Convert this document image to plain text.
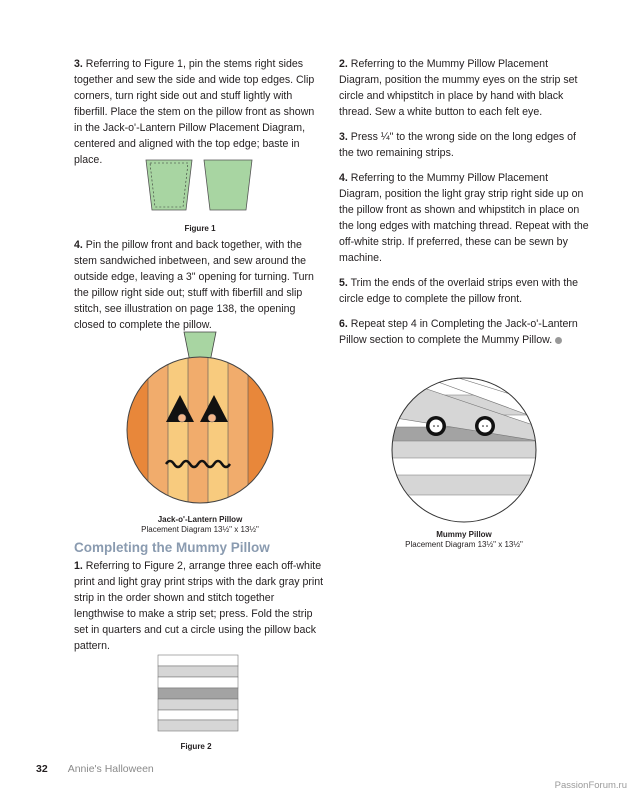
3. Referring to Figure 1, pin the stems right sides together and sew the side and wide top edges. Clip corners, turn right side out and stuff lightly with fiberfill. Place the stem on the pillow front as shown in the Jack-o'-Lantern Pillow Placement Diagram, centered and aligned with the top edge; baste in place.

Figure 1

4. Pin the pillow front and back together, with the stem sandwiched inbetween, and sew around the outside edge, leaving a 3" opening for turning. Turn the pillow right side out; stuff with fiberfill and slip stitch, see illustration on page 138, the opening closed to complete the pillow.

Jack-o'-Lantern Pillow
Placement Diagram 13½" x 13½"
Completing the Mummy Pillow

1. Referring to Figure 2, arrange three each off-white print and light gray print strips with the dark gray print strip in the order shown and stitch together lengthwise to make a strip set; press. Fold the strip set in quarters and cut a circle using the pillow back pattern.

Figure 2

2. Referring to the Mummy Pillow Placement Diagram, position the mummy eyes on the strip set circle and whipstitch in place by hand with black thread. Sew a white button to each felt eye.

3. Press ¼" to the wrong side on the long edges of the two remaining strips.

4. Referring to the Mummy Pillow Placement Diagram, position the light gray strip right side up on the pillow front as shown and whipstitch in place on the long edges with matching thread. Repeat with the off-white strip. If preferred, these can be sewn by machine.

5. Trim the ends of the overlaid strips even with the circle edge to complete the pillow front.

6. Repeat step 4 in Completing the Jack-o'-Lantern Pillow section to complete the Mummy Pillow.

Mummy Pillow
Placement Diagram 13½" x 13½"
32 Annie's Halloween
PassionForum.ru
